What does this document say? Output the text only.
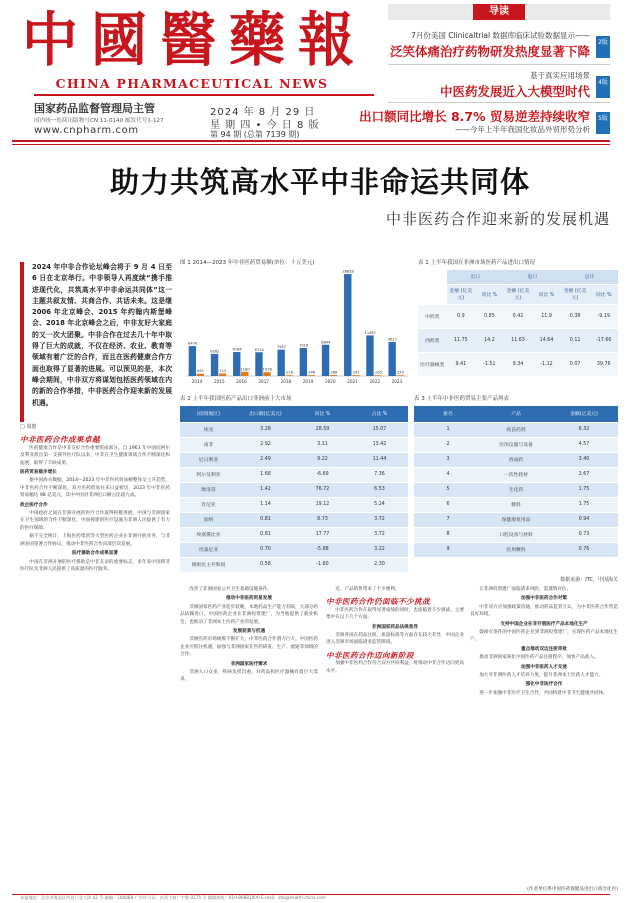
中 國 醫 藥 報
CHINA PHARMACEUTICAL NEWS
国家药品监督管理局主管
国内统一连续出版物号CN 11-0140 邮发代号1-127
www.cnpharm.com
2024 年 8 月 29 日
星 期 四 • 今 日 8 版
第 94 期 (总第 7139 期)
导读
7月份美国 Clinicaltrial 数据库临床试验数据显示——
泛笑体痛治疗药物研发热度显著下降
2版
基于真实应用场景
中医药发展近入大模型时代
4版
出口额同比增长 8.7% 贸易逆差持续收窄
——今年上半年我国化妆品外贸形势分析
5版
助力共筑高水平中非命运共同体
中非医药合作迎来新的发展机遇

2024 年中非合作论坛峰会将于 9 月 4 日至 6 日在北京举行。中非领导人再度续“携手推进现代化，共筑高水平中非命运共同体”这一主题共叙友情、共商合作、共话未来。这是继 2006 年北京峰会、2015 年约翰内斯堡峰会、2018 年北京峰会之后，中非友好大家庭的又一次大团聚。中非合作在过去几十年中取得了巨大的成就，不仅在经济、农业、教育等领域有着广泛的合作，而且在医药健康合作方面也取得了显著的进展。可以预见的是，本次峰会期间，中非双方将谋划包括医药领域在内的新的合作举措，中非医药合作迎来新的发展机遇。

图 1 2014—2023 年中非医药贸易额(单位：十万美元)
8476
651
2014
6262
713
2015
6784
1180
2016
6714
1078
2017
7467
218
2018
7918
246
2019
8844
266
2020
28858
241
2021
11487
226
2022
9617
220
2023
表 1 上半年我国在非洲市场医药产品进出口情况
	出口		进口		总计	
	金额 (亿美元)	同比 %	金额 (亿美元)	同比 %	金额 (亿美元)	同比 %
中药类	0.9	0.85	0.42	11.9	0.38	-9.19
西药类	11.75	14.2	11.63	14.64	0.11	-17.66
医疗器械类	9.41	-1.51	9.34	-1.12	0.07	39.76
表 2 上半年我国医药产品出口非洲前十大市场
国别(地区)	出口额(亿美元)	同比 %	占比 %
埃及	3.28	28.59	15.07
南非	2.92	3.11	13.42
尼日利亚	2.49	9.22	11.44
阿尔及利亚	1.68	-6.69	7.36
摩洛哥	1.42	76.72	6.53
肯尼亚	1.14	19.12	5.24
加纳	0.81	8.73	3.72
埃塞俄比亚	0.81	17.77	3.72
坦桑尼亚	0.70	-5.88	3.22
刚果民主共和国	0.58	-1.60	2.30
表 3 上半年中非医药贸易主要产品列表
排名	产品	金额(亿美元)
1	疫苗药剂	6.32
2	医用仪器与设备	4.57
3	西成药	3.40
4	一次性耗材	2.67
5	生化药	1.75
6	敷料	1.75
7	保健康复用品	0.94
8	口腔设备与材料	0.73
9	医用敷料	0.76
数据来源：ITC，中国海关

□ 周惠

中非医药合作成果卓越

医药健康合作是中非友好合作重要组成部分。自 1963 年中国向阿尔及利亚派出第一支援外医疗队以来，中非在卫生健康领域合作不断深化和拓展，取得了丰硕成果。

医药贸易稳步增长

据中国海关数据，2014—2023 年中非医药贸易额整体呈上升趋势，中非医药合作不断深化，双方医药贸易往来日益密切，2023 年中非医药贸易额达 98 亿美元，其中中国对非洲出口额占比超九成。

政企医疗合作

中国政府之间在非洲开展的医疗合作取得积极进展，中国与非洲国家在卫生领域的合作不断深化，中国援建的医疗设施为非洲人民提供了有力的医疗保障。

据不完全统计，上海医药集团等大型医药企业在非洲开展业务，与非洲多国签署合作协议，推动中非医药合作向深层次发展。

医疗援助合作成果显著

中国在非洲开展的医疗援助是中非友谊的重要标志，多年来中国援非医疗队为非洲人民提供了高质量的医疗服务。

改善了非洲国家公共卫生基础设施条件。

推动中非医药贸易发展

非洲国家医药产业起步较晚，本地药品生产能力有限，大部分药品依赖进口。中国医药企业在非洲投资建厂，为当地提供了就业机会，也推动了非洲本土医药产业的发展。

发展前景与机遇

非洲医药市场规模不断扩大，中非医药合作潜力巨大。中国医药企业应抓住机遇，加强与非洲国家在医药研发、生产、流通等领域的合作。

非洲国家医疗需求

非洲人口众多，疾病负担沉重，对药品和医疗器械有着巨大需求。

近，产品销售带来了不少便利。

中非医药合作仍面临不少挑战

中非医药合作在取得显著成绩的同时，也面临着不少挑战，主要集中在以下几个方面。

非洲国家药品法规差异

非洲各国在药品注册、质量标准等方面存在较大差异，中国企业进入非洲市场面临诸多监管障碍。

中非医药合作迈向新阶段

加强中非医药合作符合双方共同利益，将推动中非合作迈向更高水平。

在非洲投资建厂面临诸多风险，需谨慎评估。

加强中非医药合作对策

中非双方应加强政策沟通，推动药品监管互认，为中非医药合作营造良好环境。

支持中国企业在非开展医疗产品本地化生产

鼓励有条件的中国医药企业到非洲投资建厂，实现医药产品本地化生产。

重点推动双边注册审批

推动非洲国家简化中国医药产品注册程序，加快产品准入。

加强中非医药人才交流

加大对非洲医药人才培养力度，提升非洲本土医药人才能力。

强化中非医疗合作

进一步加强中非医疗卫生合作，共同构建中非卫生健康共同体。

(作者单位系中国医药保健品进出口商会化医)
本报地址：北京市海淀区西直门北大街 42 号 邮编：100088 广告许可证：京西工商广字第 0175 号 编辑热线：010-86881000 E-mail：zbs@health-china.com
